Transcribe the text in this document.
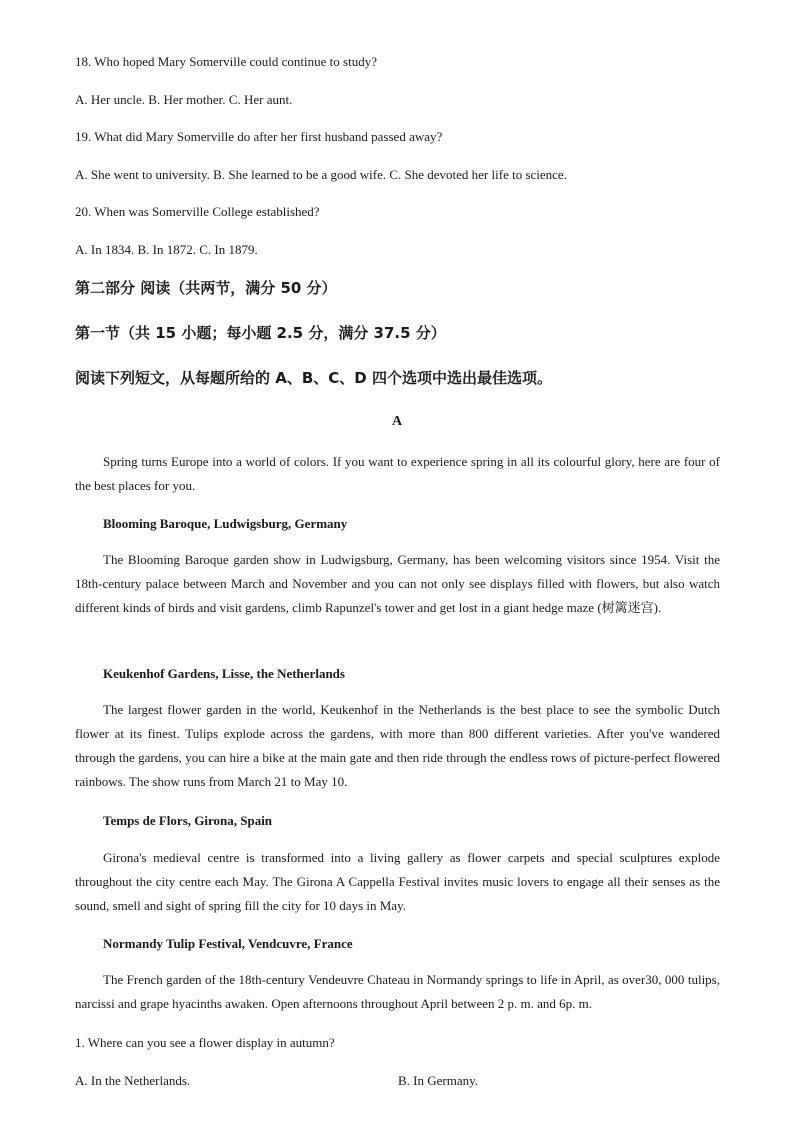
18. Who hoped Mary Somerville could continue to study?
A. Her uncle. B. Her mother. C. Her aunt.
19. What did Mary Somerville do after her first husband passed away?
A. She went to university. B. She learned to be a good wife. C. She devoted her life to science.
20. When was Somerville College established?
A. In 1834. B. In 1872. C. In 1879.
第二部分 阅读（共两节，满分 50 分）
第一节（共 15 小题；每小题 2.5 分，满分 37.5 分）
阅读下列短文，从每题所给的 A、B、C、D 四个选项中选出最佳选项。
A
Spring turns Europe into a world of colors. If you want to experience spring in all its colourful glory, here are four of the best places for you.
Blooming Baroque, Ludwigsburg, Germany
The Blooming Baroque garden show in Ludwigsburg, Germany, has been welcoming visitors since 1954. Visit the 18th-century palace between March and November and you can not only see displays filled with flowers, but also watch different kinds of birds and visit gardens, climb Rapunzel's tower and get lost in a giant hedge maze (树篱迷宫).
Keukenhof Gardens, Lisse, the Netherlands
The largest flower garden in the world, Keukenhof in the Netherlands is the best place to see the symbolic Dutch flower at its finest. Tulips explode across the gardens, with more than 800 different varieties. After you've wandered through the gardens, you can hire a bike at the main gate and then ride through the endless rows of picture-perfect flowered rainbows. The show runs from March 21 to May 10.
Temps de Flors, Girona, Spain
Girona's medieval centre is transformed into a living gallery as flower carpets and special sculptures explode throughout the city centre each May. The Girona A Cappella Festival invites music lovers to engage all their senses as the sound, smell and sight of spring fill the city for 10 days in May.
Normandy Tulip Festival, Vendcuvre, France
The French garden of the 18th-century Vendeuvre Chateau in Normandy springs to life in April, as over30, 000 tulips, narcissi and grape hyacinths awaken. Open afternoons throughout April between 2 p. m. and 6p. m.
1. Where can you see a flower display in autumn?
A. In the Netherlands.	B. In Germany.
